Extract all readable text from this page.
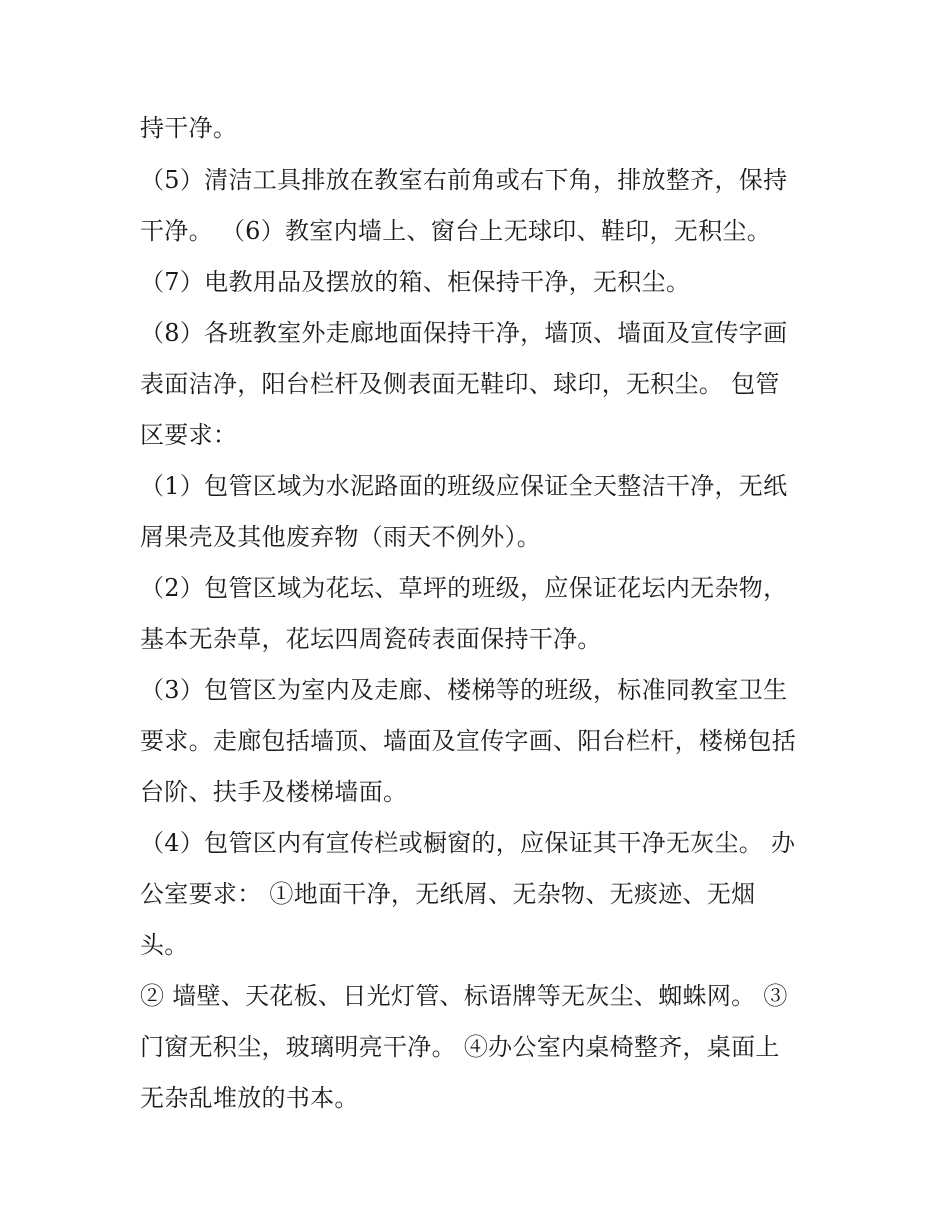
持干净。
（5）清洁工具排放在教室右前角或右下角，排放整齐，保持
干净。 （6）教室内墙上、窗台上无球印、鞋印，无积尘。
（7）电教用品及摆放的箱、柜保持干净，无积尘。
（8）各班教室外走廊地面保持干净，墙顶、墙面及宣传字画
表面洁净，阳台栏杆及侧表面无鞋印、球印，无积尘。 包管
区要求：
（1）包管区域为水泥路面的班级应保证全天整洁干净，无纸
屑果壳及其他废弃物（雨天不例外）。
（2）包管区域为花坛、草坪的班级，应保证花坛内无杂物，
基本无杂草，花坛四周瓷砖表面保持干净。
（3）包管区为室内及走廊、楼梯等的班级，标准同教室卫生
要求。走廊包括墙顶、墙面及宣传字画、阳台栏杆，楼梯包括
台阶、扶手及楼梯墙面。
（4）包管区内有宣传栏或橱窗的，应保证其干净无灰尘。 办
公室要求： ①地面干净，无纸屑、无杂物、无痰迹、无烟
头。
② 墙壁、天花板、日光灯管、标语牌等无灰尘、蜘蛛网。 ③
门窗无积尘，玻璃明亮干净。 ④办公室内桌椅整齐，桌面上
无杂乱堆放的书本。
